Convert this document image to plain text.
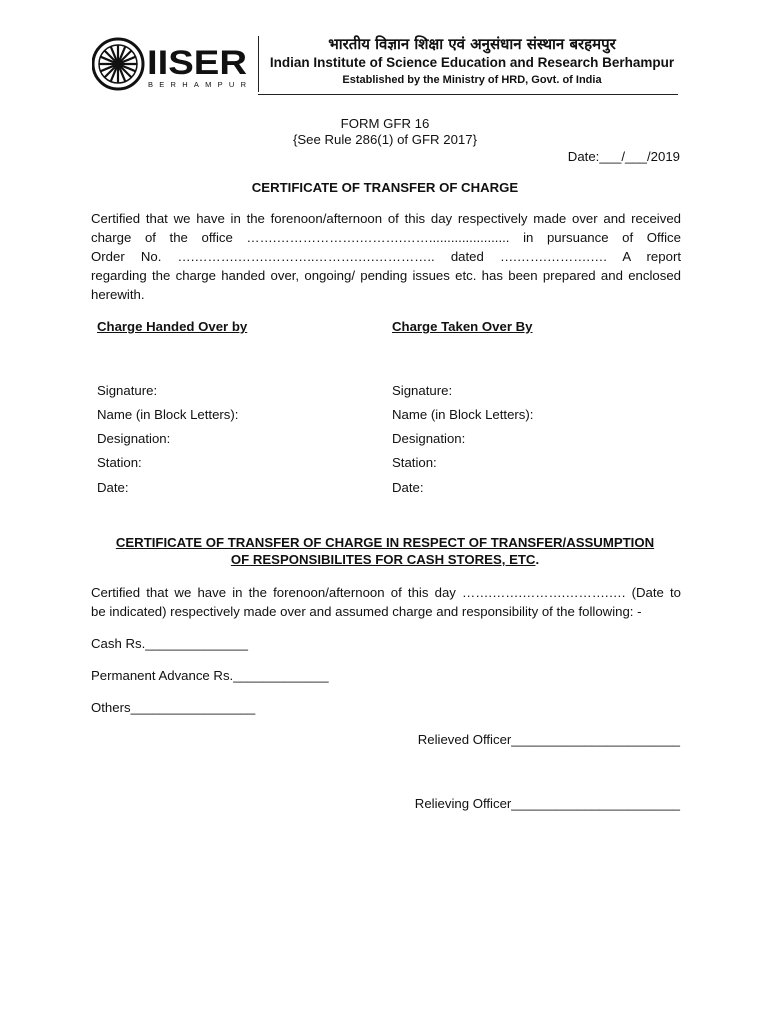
IISER
BERHAMPUR
भारतीय विज्ञान शिक्षा एवं अनुसंधान संस्थान बरहमपुर
Indian Institute of Science Education and Research Berhampur
Established by the Ministry of HRD, Govt. of India
FORM GFR 16
{See Rule 286(1) of GFR 2017}
Date:___/___/2019
CERTIFICATE OF TRANSFER OF CHARGE
Certified that we have in the forenoon/afternoon of this day respectively made over and received
charge of the office …….……………….……….……...................... in pursuance of Office
Order No. ….……….…….………..……….….………….. dated ….…….……….…. A report
regarding the charge handed over, ongoing/ pending issues etc. has been prepared and enclosed
herewith.
Charge Handed Over by	Charge Taken Over By
Signature:
Name (in Block Letters):
Designation:
Station:
Date:
Signature:
Name (in Block Letters):
Designation:
Station:
Date:
CERTIFICATE OF TRANSFER OF CHARGE IN RESPECT OF TRANSFER/ASSUMPTION
OF RESPONSIBILITES FOR CASH STORES, ETC.
Certified that we have in the forenoon/afternoon of this day …….…….……….……….…. (Date to
be indicated) respectively made over and assumed charge and responsibility of the following: -
Cash Rs.______________
Permanent Advance Rs._____________
Others_________________
Relieved Officer_______________________
Relieving Officer_______________________
